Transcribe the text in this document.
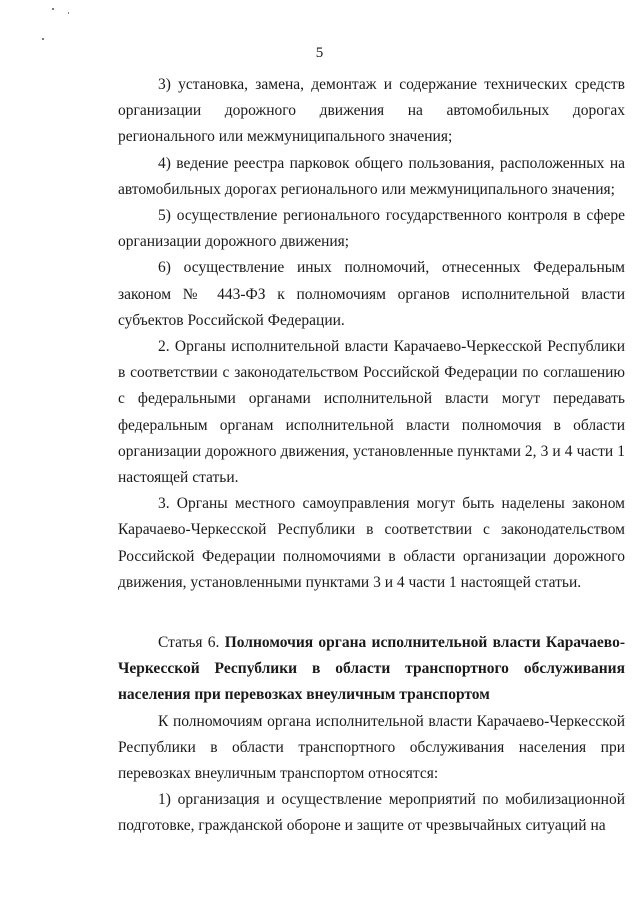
5

3) установка, замена, демонтаж и содержание технических средств организации дорожного движения на автомобильных дорогах регионального или межмуниципального значения;

4) ведение реестра парковок общего пользования, расположенных на автомобильных дорогах регионального или межмуниципального значения;

5) осуществление регионального государственного контроля в сфере организации дорожного движения;

6) осуществление иных полномочий, отнесенных Федеральным законом № 443-ФЗ к полномочиям органов исполнительной власти субъектов Российской Федерации.

2. Органы исполнительной власти Карачаево-Черкесской Республики в соответствии с законодательством Российской Федерации по соглашению с федеральными органами исполнительной власти могут передавать федеральным органам исполнительной власти полномочия в области организации дорожного движения, установленные пунктами 2, 3 и 4 части 1 настоящей статьи.

3. Органы местного самоуправления могут быть наделены законом Карачаево-Черкесской Республики в соответствии с законодательством Российской Федерации полномочиями в области организации дорожного движения, установленными пунктами 3 и 4 части 1 настоящей статьи.

Статья 6. Полномочия органа исполнительной власти Карачаево-Черкесской Республики в области транспортного обслуживания населения при перевозках внеуличным транспортом

К полномочиям органа исполнительной власти Карачаево-Черкесской Республики в области транспортного обслуживания населения при перевозках внеуличным транспортом относятся:

1) организация и осуществление мероприятий по мобилизационной подготовке, гражданской обороне и защите от чрезвычайных ситуаций на
